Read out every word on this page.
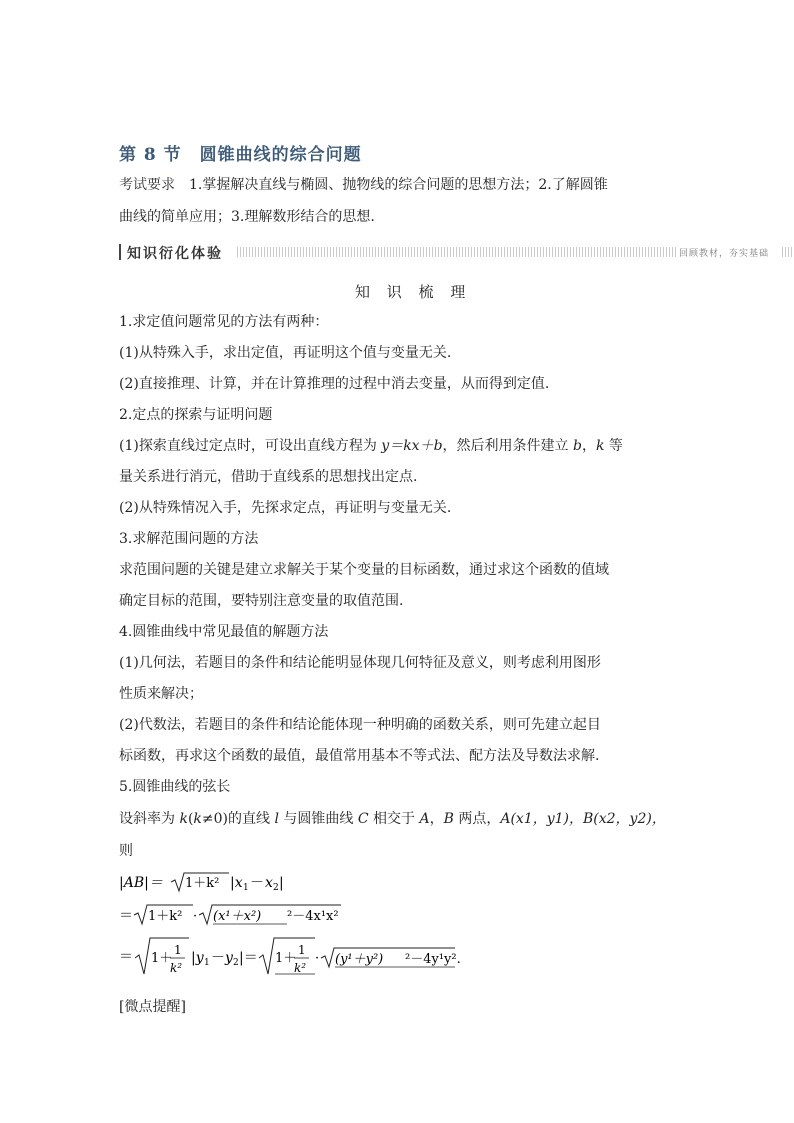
第 8 节 圆锥曲线的综合问题
考试要求 1.掌握解决直线与椭圆、抛物线的综合问题的思想方法；2.了解圆锥
曲线的简单应用；3.理解数形结合的思想.
知识衍化体验	回顾教材，夯实基础
知 识 梳 理
1.求定值问题常见的方法有两种：
(1)从特殊入手，求出定值，再证明这个值与变量无关.
(2)直接推理、计算，并在计算推理的过程中消去变量，从而得到定值.
2.定点的探索与证明问题
(1)探索直线过定点时，可设出直线方程为 y＝kx＋b，然后利用条件建立 b，k 等
量关系进行消元，借助于直线系的思想找出定点.
(2)从特殊情况入手，先探求定点，再证明与变量无关.
3.求解范围问题的方法
求范围问题的关键是建立求解关于某个变量的目标函数，通过求这个函数的值域
确定目标的范围，要特别注意变量的取值范围.
4.圆锥曲线中常见最值的解题方法
(1)几何法，若题目的条件和结论能明显体现几何特征及意义，则考虑利用图形
性质来解决；
(2)代数法，若题目的条件和结论能体现一种明确的函数关系，则可先建立起目
标函数，再求这个函数的最值，最值常用基本不等式法、配方法及导数法求解.
5.圆锥曲线的弦长
设斜率为 k(k≠0)的直线 l 与圆锥曲线 C 相交于 A，B 两点，A(x1，y1)，B(x2，y2)，
则
|AB|＝ 1＋k² |x 1 － x 2 |
＝ 1＋k² · (x¹＋x²) ²－4x¹x²
＝ 1＋
1
k²
|y 1 － y 2 |＝ 1＋
1
k²
· (y¹＋y²) ²－4y¹y².
[微点提醒]
